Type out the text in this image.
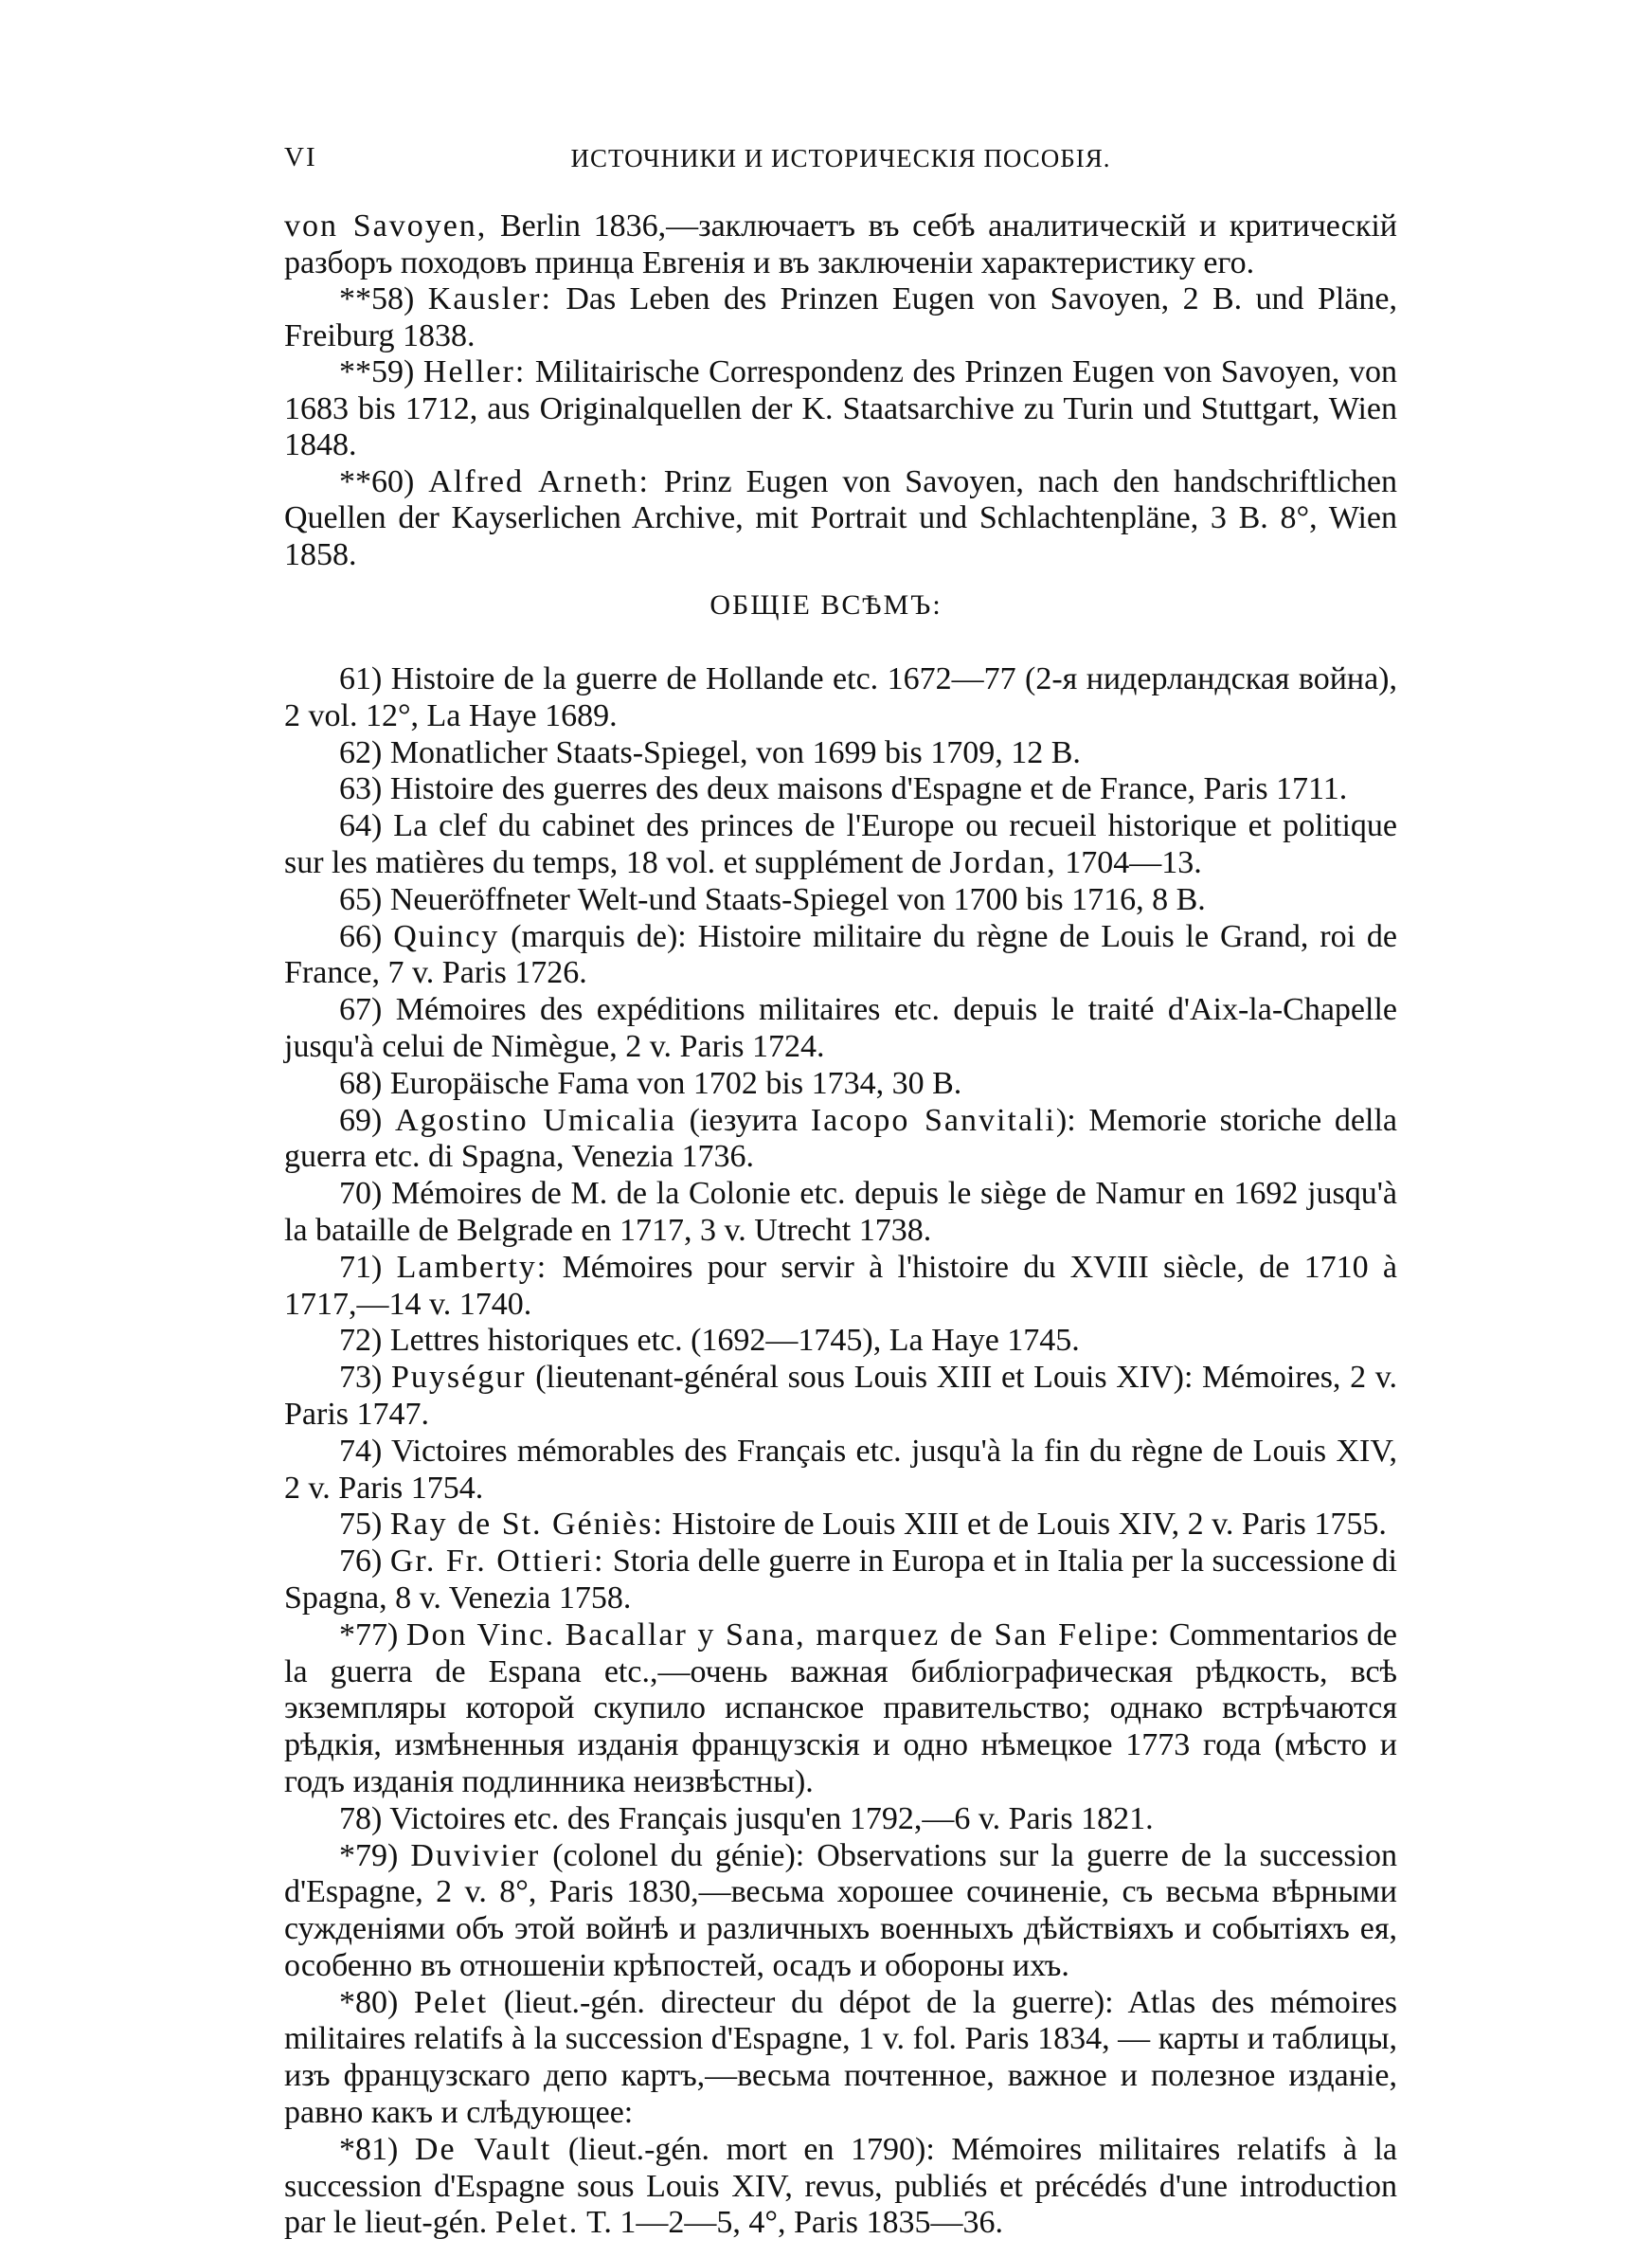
VI	ИСТОЧНИКИ И ИСТОРИЧЕСКІЯ ПОСОБІЯ.

von Savoyen, Berlin 1836,—заключаетъ въ себѣ аналитическій и критическій разборъ походовъ принца Евгенія и въ заключеніи характеристику его.

**58) Kausler: Das Leben des Prinzen Eugen von Savoyen, 2 B. und Pläne, Freiburg 1838.

**59) Heller: Militairische Correspondenz des Prinzen Eugen von Savoyen, von 1683 bis 1712, aus Originalquellen der K. Staatsarchive zu Turin und Stuttgart, Wien 1848.

**60) Alfred Arneth: Prinz Eugen von Savoyen, nach den handschriftlichen Quellen der Kayserlichen Archive, mit Portrait und Schlachtenpläne, 3 B. 8°, Wien 1858.

ОБЩІЕ ВСѢМЪ:

61) Histoire de la guerre de Hollande etc. 1672—77 (2-я нидерландская война), 2 vol. 12°, La Haye 1689.

62) Monatlicher Staats-Spiegel, von 1699 bis 1709, 12 B.

63) Histoire des guerres des deux maisons d'Espagne et de France, Paris 1711.

64) La clef du cabinet des princes de l'Europe ou recueil historique et politique sur les matières du temps, 18 vol. et supplément de Jordan, 1704—13.

65) Neueröffneter Welt-und Staats-Spiegel von 1700 bis 1716, 8 B.

66) Quincy (marquis de): Histoire militaire du règne de Louis le Grand, roi de France, 7 v. Paris 1726.

67) Mémoires des expéditions militaires etc. depuis le traité d'Aix-la-Chapelle jusqu'à celui de Nimègue, 2 v. Paris 1724.

68) Europäische Fama von 1702 bis 1734, 30 B.

69) Agostino Umicalia (іезуита Iacopo Sanvitali): Memorie storiche della guerra etc. di Spagna, Venezia 1736.

70) Mémoires de M. de la Colonie etc. depuis le siège de Namur en 1692 jusqu'à la bataille de Belgrade en 1717, 3 v. Utrecht 1738.

71) Lamberty: Mémoires pour servir à l'histoire du XVIII siècle, de 1710 à 1717,—14 v. 1740.

72) Lettres historiques etc. (1692—1745), La Haye 1745.

73) Puységur (lieutenant-général sous Louis XIII et Louis XIV): Mémoires, 2 v. Paris 1747.

74) Victoires mémorables des Français etc. jusqu'à la fin du règne de Louis XIV, 2 v. Paris 1754.

75) Ray de St. Géniès: Histoire de Louis XIII et de Louis XIV, 2 v. Paris 1755.

76) Gr. Fr. Ottieri: Storia delle guerre in Europa et in Italia per la successione di Spagna, 8 v. Venezia 1758.

*77) Don Vinc. Bacallar y Sana, marquez de San Felipe: Commentarios de la guerra de Espana etc.,—очень важная библіографическая рѣдкость, всѣ экземпляры которой скупило испанское правительство; однако встрѣчаются рѣдкія, измѣненныя изданія французскія и одно нѣмецкое 1773 года (мѣсто и годъ изданія подлинника неизвѣстны).

78) Victoires etc. des Français jusqu'en 1792,—6 v. Paris 1821.

*79) Duvivier (colonel du génie): Observations sur la guerre de la succession d'Espagne, 2 v. 8°, Paris 1830,—весьма хорошее сочиненіе, съ весьма вѣрными сужденіями объ этой войнѣ и различныхъ военныхъ дѣйствіяхъ и событіяхъ ея, особенно въ отношеніи крѣпостей, осадъ и обороны ихъ.

*80) Pelet (lieut.-gén. directeur du dépot de la guerre): Atlas des mémoires militaires relatifs à la succession d'Espagne, 1 v. fol. Paris 1834, — карты и таблицы, изъ французскаго депо картъ,—весьма почтенное, важное и полезное изданіе, равно какъ и слѣдующее:

*81) De Vault (lieut.-gén. mort en 1790): Mémoires militaires relatifs à la succession d'Espagne sous Louis XIV, revus, publiés et précédés d'une introduction par le lieut-gén. Pelet. T. 1—2—5, 4°, Paris 1835—36.
